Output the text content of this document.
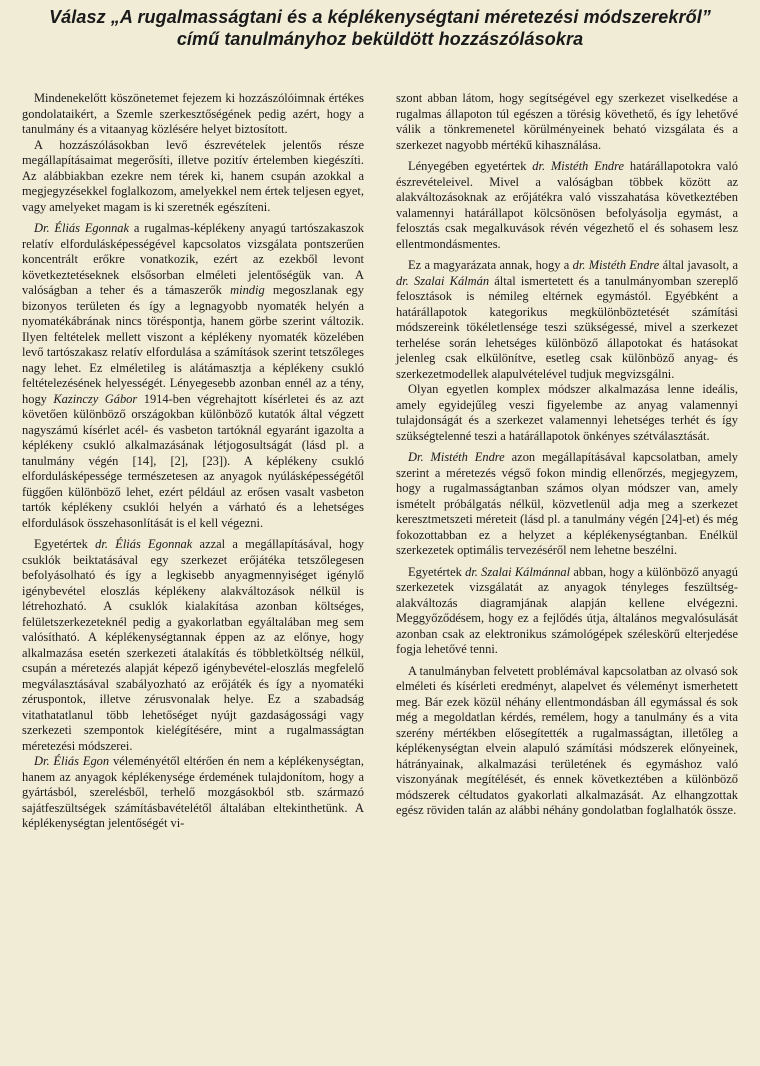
Válasz „A rugalmasságtani és a képlékenységtani méretezési módszerekről”

című tanulmányhoz beküldött hozzászólásokra

Mindenekelőtt köszönetemet fejezem ki hozzászólóimnak értékes gondolataikért, a Szemle szerkesztőségének pedig azért, hogy a tanulmány és a vitaanyag közlésére helyet biztosított.

A hozzászólásokban levő észrevételek jelentős része megállapításaimat megerősíti, illetve pozitív értelemben kiegészíti. Az alábbiakban ezekre nem térek ki, hanem csupán azokkal a megjegyzésekkel foglalkozom, amelyekkel nem értek teljesen egyet, vagy amelyeket magam is ki szeretnék egészíteni.

Dr. Éliás Egonnak a rugalmas-képlékeny anyagú tartószakaszok relatív elfordulásképességével kapcsolatos vizsgálata pontszerűen koncentrált erőkre vonatkozik, ezért az ezekből levont következtetéseknek elsősorban elméleti jelentőségük van. A valóságban a teher és a támaszerők mindig megoszlanak egy bizonyos területen és így a legnagyobb nyomaték helyén a nyomatékábrának nincs töréspontja, hanem görbe szerint változik. Ilyen feltételek mellett viszont a képlékeny nyomaték közelében levő tartószakasz relatív elfordulása a számítások szerint tetszőleges nagy lehet. Ez elméletileg is alátámasztja a képlékeny csukló feltételezésének helyességét. Lényegesebb azonban ennél az a tény, hogy Kazinczy Gábor 1914-ben végrehajtott kísérletei és az azt követően különböző országokban különböző kutatók által végzett nagyszámú kísérlet acél- és vasbeton tartóknál egyaránt igazolta a képlékeny csukló alkalmazásának létjogosultságát (lásd pl. a tanulmány végén [14], [2], [23]). A képlékeny csukló elfordulásképessége természetesen az anyagok nyúlásképességétől függően különböző lehet, ezért például az erősen vasalt vasbeton tartók képlékeny csuklói helyén a várható és a lehetséges elfordulások összehasonlítását is el kell végezni.

Egyetértek dr. Éliás Egonnak azzal a megállapításával, hogy csuklók beiktatásával egy szerkezet erőjátéka tetszőlegesen befolyásolható és így a legkisebb anyagmennyiséget igénylő igénybevétel eloszlás képlékeny alakváltozások nélkül is létrehozható. A csuklók kialakítása azonban költséges, felületszerkezeteknél pedig a gyakorlatban egyáltalában meg sem valósítható. A képlékenységtannak éppen az az előnye, hogy alkalmazása esetén szerkezeti átalakítás és többletköltség nélkül, csupán a méretezés alapját képező igénybevétel-eloszlás megfelelő megválasztásával szabályozható az erőjáték és így a nyomatéki zéruspontok, illetve zérusvonalak helye. Ez a szabadság vitathatatlanul több lehetőséget nyújt gazdaságossági vagy szerkezeti szempontok kielégítésére, mint a rugalmasságtan méretezési módszerei.

Dr. Éliás Egon véleményétől eltérően én nem a képlékenységtan, hanem az anyagok képlékenysége érdemének tulajdonítom, hogy a gyártásból, szerelésből, terhelő mozgásokból stb. származó sajátfeszültségek számításbavételétől általában eltekinthetünk. A képlékenységtan jelentőségét vi-

szont abban látom, hogy segítségével egy szerkezet viselkedése a rugalmas állapoton túl egészen a törésig követhető, és így lehetővé válik a tönkremenetel körülményeinek beható vizsgálata és a szerkezet nagyobb mértékű kihasználása.

Lényegében egyetértek dr. Mistéth Endre határállapotokra való észrevételeivel. Mivel a valóságban többek között az alakváltozásoknak az erőjátékra való visszahatása következtében valamennyi határállapot kölcsönösen befolyásolja egymást, a felosztás csak megalkuvások révén végezhető el és sohasem lesz ellentmondásmentes.

Ez a magyarázata annak, hogy a dr. Mistéth Endre által javasolt, a dr. Szalai Kálmán által ismertetett és a tanulmányomban szereplő felosztások is némileg eltérnek egymástól. Egyébként a határállapotok kategorikus megkülönböztetését számítási módszereink tökéletlensége teszi szükségessé, mivel a szerkezet terhelése során lehetséges különböző állapotokat és hatásokat jelenleg csak elkülönítve, esetleg csak különböző anyag- és szerkezetmodellek alapulvételével tudjuk megvizsgálni.

Olyan egyetlen komplex módszer alkalmazása lenne ideális, amely egyidejűleg veszi figyelembe az anyag valamennyi tulajdonságát és a szerkezet valamennyi lehetséges terhét és így szükségtelenné teszi a határállapotok önkényes szétválasztását.

Dr. Mistéth Endre azon megállapításával kapcsolatban, amely szerint a méretezés végső fokon mindig ellenőrzés, megjegyzem, hogy a rugalmasságtanban számos olyan módszer van, amely ismételt próbálgatás nélkül, közvetlenül adja meg a szerkezet keresztmetszeti méreteit (lásd pl. a tanulmány végén [24]-et) és még fokozottabban ez a helyzet a képlékenységtanban. Enélkül szerkezetek optimális tervezéséről nem lehetne beszélni.

Egyetértek dr. Szalai Kálmánnal abban, hogy a különböző anyagú szerkezetek vizsgálatát az anyagok tényleges feszültség-alakváltozás diagramjának alapján kellene elvégezni. Meggyőződésem, hogy ez a fejlődés útja, általános megvalósulását azonban csak az elektronikus számológépek széleskörű elterjedése fogja lehetővé tenni.

A tanulmányban felvetett problémával kapcsolatban az olvasó sok elméleti és kísérleti eredményt, alapelvet és véleményt ismerhetett meg. Bár ezek közül néhány ellentmondásban áll egymással és sok még a megoldatlan kérdés, remélem, hogy a tanulmány és a vita szerény mértékben elősegítették a rugalmasságtan, illetőleg a képlékenységtan elvein alapuló számítási módszerek előnyeinek, hátrányainak, alkalmazási területének és egymáshoz való viszonyának megítélését, és ennek következtében a különböző módszerek céltudatos gyakorlati alkalmazását. Az elhangzottak egész röviden talán az alábbi néhány gondolatban foglalhatók össze.
